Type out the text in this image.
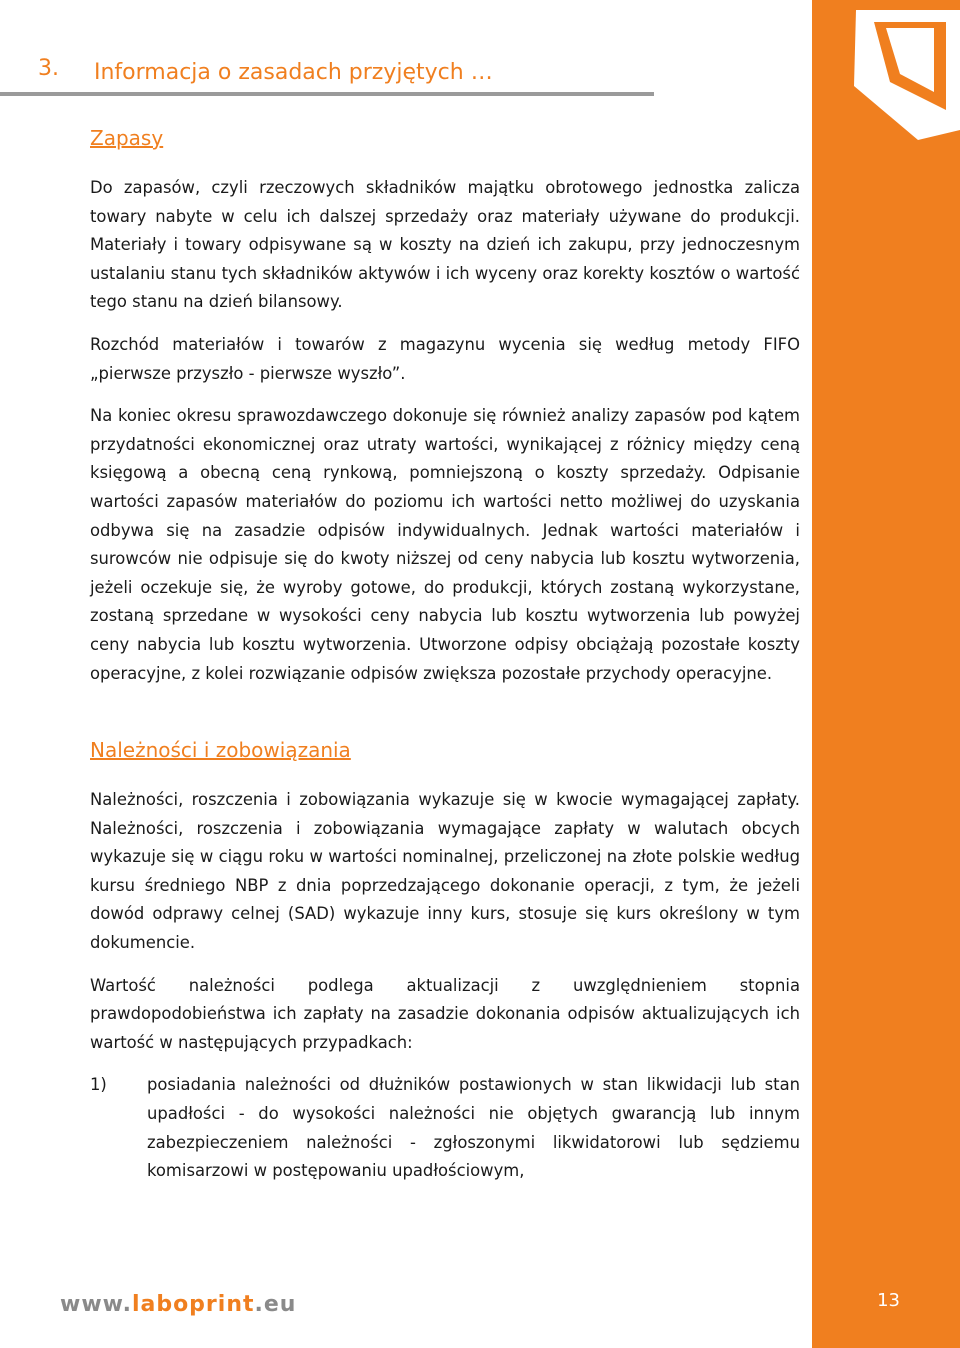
13
3. Informacja o zasadach przyjętych …
Zapasy

Do zapasów, czyli rzeczowych składników majątku obrotowego jednostka zalicza towary nabyte w celu ich dalszej sprzedaży oraz materiały używane do produkcji. Materiały i towary odpisywane są w koszty na dzień ich zakupu, przy jednoczesnym ustalaniu stanu tych składników aktywów i ich wyceny oraz korekty kosztów o wartość tego stanu na dzień bilansowy.

Rozchód materiałów i towarów z magazynu wycenia się według metody FIFO „pierwsze przyszło - pierwsze wyszło”.

Na koniec okresu sprawozdawczego dokonuje się również analizy zapasów pod kątem przydatności ekonomicznej oraz utraty wartości, wynikającej z różnicy między ceną księgową a obecną ceną rynkową, pomniejszoną o koszty sprzedaży. Odpisanie wartości zapasów materiałów do poziomu ich wartości netto możliwej do uzyskania odbywa się na zasadzie odpisów indywidualnych. Jednak wartości materiałów i surowców nie odpisuje się do kwoty niższej od ceny nabycia lub kosztu wytworzenia, jeżeli oczekuje się, że wyroby gotowe, do produkcji, których zostaną wykorzystane, zostaną sprzedane w wysokości ceny nabycia lub kosztu wytworzenia lub powyżej ceny nabycia lub kosztu wytworzenia. Utworzone odpisy obciążają pozostałe koszty operacyjne, z kolei rozwiązanie odpisów zwiększa pozostałe przychody operacyjne.

Należności i zobowiązania

Należności, roszczenia i zobowiązania wykazuje się w kwocie wymagającej zapłaty. Należności, roszczenia i zobowiązania wymagające zapłaty w walutach obcych wykazuje się w ciągu roku w wartości nominalnej, przeliczonej na złote polskie według kursu średniego NBP z dnia poprzedzającego dokonanie operacji, z tym, że jeżeli dowód odprawy celnej (SAD) wykazuje inny kurs, stosuje się kurs określony w tym dokumencie.

Wartość należności podlega aktualizacji z uwzględnieniem stopnia prawdopodobieństwa ich zapłaty na zasadzie dokonania odpisów aktualizujących ich wartość w następujących przypadkach:

1)	posiadania należności od dłużników postawionych w stan likwidacji lub stan upadłości - do wysokości należności nie objętych gwarancją lub innym zabezpieczeniem należności - zgłoszonymi likwidatorowi lub sędziemu komisarzowi w postępowaniu upadłościowym,
www.laboprint.eu
